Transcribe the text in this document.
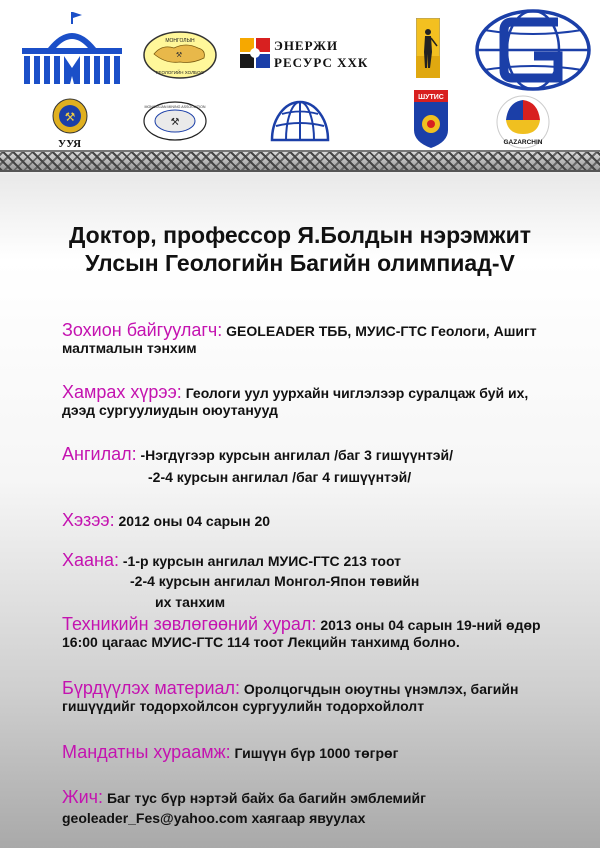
МОНГОЛЫН
ГЕОЛОГИЙН ХОЛБОО
⚒
ЭНЕРЖИ
РЕСУРС ХХК
⚒
УУЯ
⚒
MONGOLIAN MINING ASSOCIATION
ШУТИС
GAZARCHIN
Доктор, профессор Я.Болдын нэрэмжит
Улсын Геологийн Багийн олимпиад-V
Зохион байгуулагч: GEOLEADER ТББ, МУИС-ГТС Геологи, Ашигт малтмалын тэнхим
Хамрах хүрээ: Геологи уул уурхайн чиглэлээр суралцаж буй их, дээд сургуулиудын оюутанууд
Ангилал: -Нэгдүгээр курсын ангилал /баг 3 гишүүнтэй/
-2-4 курсын ангилал /баг 4 гишүүнтэй/
Хэзээ: 2012 оны 04 сарын 20
Хаана: -1-р курсын ангилал МУИС-ГТС 213 тоот
-2-4 курсын ангилал Монгол-Япон төвийн
их танхим
Техникийн зөвлөгөөний хурал: 2013 оны 04 сарын 19-ний өдөр 16:00 цагаас МУИС-ГТС 114 тоот Лекцийн танхимд болно.
Бүрдүүлэх материал: Оролцогчдын оюутны үнэмлэх, багийн гишүүдийг тодорхойлсон сургуулийн тодорхойлолт
Мандатны хураамж: Гишүүн бүр 1000 төгрөг
Жич: Баг тус бүр нэртэй байх ба багийн эмблемийг
geoleader_Fes@yahoo.com хаягаар явуулах
